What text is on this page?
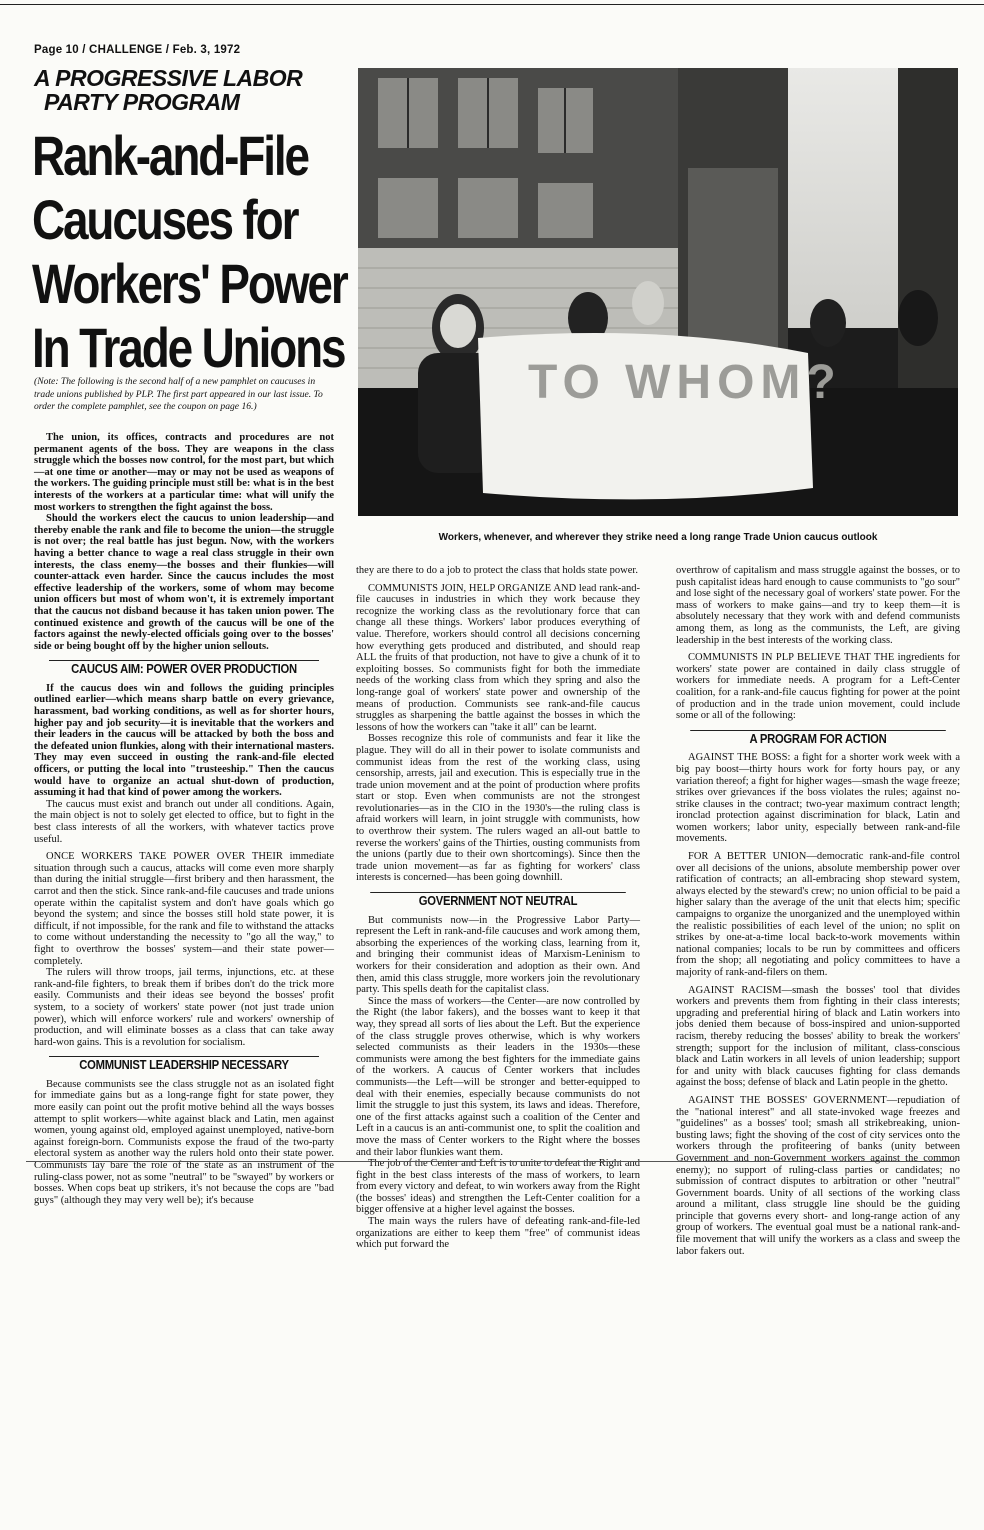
Page 10 / CHALLENGE / Feb. 3, 1972
A PROGRESSIVE LABOR
PARTY PROGRAM
Rank-and-File
Caucuses for
Workers' Power
In Trade Unions
(Note: The following is the second half of a new pamphlet on caucuses in trade unions published by PLP. The first part appeared in our last issue. To order the complete pamphlet, see the coupon on page 16.)	TO WHOM?
Workers, whenever, and wherever they strike need a long range Trade Union caucus outlook

The union, its offices, contracts and procedures are not permanent agents of the boss. They are weapons in the class struggle which the bosses now control, for the most part, but which—at one time or another—may or may not be used as weapons of the workers. The guiding principle must still be: what is in the best interests of the workers at a particular time: what will unify the most workers to strengthen the fight against the boss.

Should the workers elect the caucus to union leadership—and thereby enable the rank and file to become the union—the struggle is not over; the real battle has just begun. Now, with the workers having a better chance to wage a real class struggle in their own interests, the class enemy—the bosses and their flunkies—will counter-attack even harder. Since the caucus includes the most effective leadership of the workers, some of whom may become union officers but most of whom won't, it is extremely important that the caucus not disband because it has taken union power. The continued existence and growth of the caucus will be one of the factors against the newly-elected officials going over to the bosses' side or being bought off by the higher union sellouts.

CAUCUS AIM: POWER OVER PRODUCTION

If the caucus does win and follows the guiding principles outlined earlier—which means sharp battle on every grievance, harassment, bad working conditions, as well as for shorter hours, higher pay and job security—it is inevitable that the workers and their leaders in the caucus will be attacked by both the boss and the defeated union flunkies, along with their international masters. They may even succeed in ousting the rank-and-file elected officers, or putting the local into "trusteeship." Then the caucus would have to organize an actual shut-down of production, assuming it had that kind of power among the workers.

The caucus must exist and branch out under all conditions. Again, the main object is not to solely get elected to office, but to fight in the best class interests of all the workers, with whatever tactics prove useful.

ONCE WORKERS TAKE POWER OVER THEIR immediate situation through such a caucus, attacks will come even more sharply than during the initial struggle—first bribery and then harassment, the carrot and then the stick. Since rank-and-file caucuses and trade unions operate within the capitalist system and don't have goals which go beyond the system; and since the bosses still hold state power, it is difficult, if not impossible, for the rank and file to withstand the attacks to come without understanding the necessity to "go all the way," to fight to overthrow the bosses' system—and their state power—completely.

The rulers will throw troops, jail terms, injunctions, etc. at these rank-and-file fighters, to break them if bribes don't do the trick more easily. Communists and their ideas see beyond the bosses' profit system, to a society of workers' state power (not just trade union power), which will enforce workers' rule and workers' ownership of production, and will eliminate bosses as a class that can take away hard-won gains. This is a revolution for socialism.

COMMUNIST LEADERSHIP NECESSARY

Because communists see the class struggle not as an isolated fight for immediate gains but as a long-range fight for state power, they more easily can point out the profit motive behind all the ways bosses attempt to split workers—white against black and Latin, men against women, young against old, employed against unemployed, native-born against foreign-born. Communists expose the fraud of the two-party electoral system as another way the rulers hold onto their state power. Communists lay bare the role of the state as an instrument of the ruling-class power, not as some "neutral" to be "swayed" by workers or bosses. When cops beat up strikers, it's not because the cops are "bad guys" (although they may very well be); it's because

they are there to do a job to protect the class that holds state power.

COMMUNISTS JOIN, HELP ORGANIZE AND lead rank-and-file caucuses in industries in which they work because they recognize the working class as the revolutionary force that can change all these things. Workers' labor produces everything of value. Therefore, workers should control all decisions concerning how everything gets produced and distributed, and should reap ALL the fruits of that production, not have to give a chunk of it to exploiting bosses. So communists fight for both the immediate needs of the working class from which they spring and also the long-range goal of workers' state power and ownership of the means of production. Communists see rank-and-file caucus struggles as sharpening the battle against the bosses in which the lessons of how the workers can "take it all" can be learnt.

Bosses recognize this role of communists and fear it like the plague. They will do all in their power to isolate communists and communist ideas from the rest of the working class, using censorship, arrests, jail and execution. This is especially true in the trade union movement and at the point of production where profits start or stop. Even when communists are not the strongest revolutionaries—as in the CIO in the 1930's—the ruling class is afraid workers will learn, in joint struggle with communists, how to overthrow their system. The rulers waged an all-out battle to reverse the workers' gains of the Thirties, ousting communists from the unions (partly due to their own shortcomings). Since then the trade union movement—as far as fighting for workers' class interests is concerned—has been going downhill.

GOVERNMENT NOT NEUTRAL

But communists now—in the Progressive Labor Party—represent the Left in rank-and-file caucuses and work among them, absorbing the experiences of the working class, learning from it, and bringing their communist ideas of Marxism-Leninism to workers for their consideration and adoption as their own. And then, amid this class struggle, more workers join the revolutionary party. This spells death for the capitalist class.

Since the mass of workers—the Center—are now controlled by the Right (the labor fakers), and the bosses want to keep it that way, they spread all sorts of lies about the Left. But the experience of the class struggle proves otherwise, which is why workers selected communists as their leaders in the 1930s—these communists were among the best fighters for the immediate gains of the workers. A caucus of Center workers that includes communists—the Left—will be stronger and better-equipped to deal with their enemies, especially because communists do not limit the struggle to just this system, its laws and ideas. Therefore, one of the first attacks against such a coalition of the Center and Left in a caucus is an anti-communist one, to split the coalition and move the mass of Center workers to the Right where the bosses and their labor flunkies want them.

The job of the Center and Left is to unite to defeat the Right and fight in the best class interests of the mass of workers, to learn from every victory and defeat, to win workers away from the Right (the bosses' ideas) and strengthen the Left-Center coalition for a bigger offensive at a higher level against the bosses.

The main ways the rulers have of defeating rank-and-file-led organizations are either to keep them "free" of communist ideas which put forward the

overthrow of capitalism and mass struggle against the bosses, or to push capitalist ideas hard enough to cause communists to "go sour" and lose sight of the necessary goal of workers' state power. For the mass of workers to make gains—and try to keep them—it is absolutely necessary that they work with and defend communists among them, as long as the communists, the Left, are giving leadership in the best interests of the working class.

COMMUNISTS IN PLP BELIEVE THAT THE ingredients for workers' state power are contained in daily class struggle of workers for immediate needs. A program for a Left-Center coalition, for a rank-and-file caucus fighting for power at the point of production and in the trade union movement, could include some or all of the following:

A PROGRAM FOR ACTION

AGAINST THE BOSS: a fight for a shorter work week with a big pay boost—thirty hours work for forty hours pay, or any variation thereof; a fight for higher wages—smash the wage freeze; strikes over grievances if the boss violates the rules; against no-strike clauses in the contract; two-year maximum contract length; ironclad protection against discrimination for black, Latin and women workers; labor unity, especially between rank-and-file movements.

FOR A BETTER UNION—democratic rank-and-file control over all decisions of the unions, absolute membership power over ratification of contracts; an all-embracing shop steward system, always elected by the steward's crew; no union official to be paid a higher salary than the average of the unit that elects him; specific campaigns to organize the unorganized and the unemployed within the realistic possibilities of each level of the union; no split on strikes by one-at-a-time local back-to-work movements within national companies; locals to be run by committees and officers from the shop; all negotiating and policy committees to have a majority of rank-and-filers on them.

AGAINST RACISM—smash the bosses' tool that divides workers and prevents them from fighting in their class interests; upgrading and preferential hiring of black and Latin workers into jobs denied them because of boss-inspired and union-supported racism, thereby reducing the bosses' ability to break the workers' strength; support for the inclusion of militant, class-conscious black and Latin workers in all levels of union leadership; support for and unity with black caucuses fighting for class demands against the boss; defense of black and Latin people in the ghetto.

AGAINST THE BOSSES' GOVERNMENT—repudiation of the "national interest" and all state-invoked wage freezes and "guidelines" as a bosses' tool; smash all strikebreaking, union-busting laws; fight the shoving of the cost of city services onto the workers through the profiteering of banks (unity between Government and non-Government workers against the common enemy); no support of ruling-class parties or candidates; no submission of contract disputes to arbitration or other "neutral" Government boards. Unity of all sections of the working class around a militant, class struggle line should be the guiding principle that governs every short- and long-range action of any group of workers. The eventual goal must be a national rank-and-file movement that will unify the workers as a class and sweep the labor fakers out.
